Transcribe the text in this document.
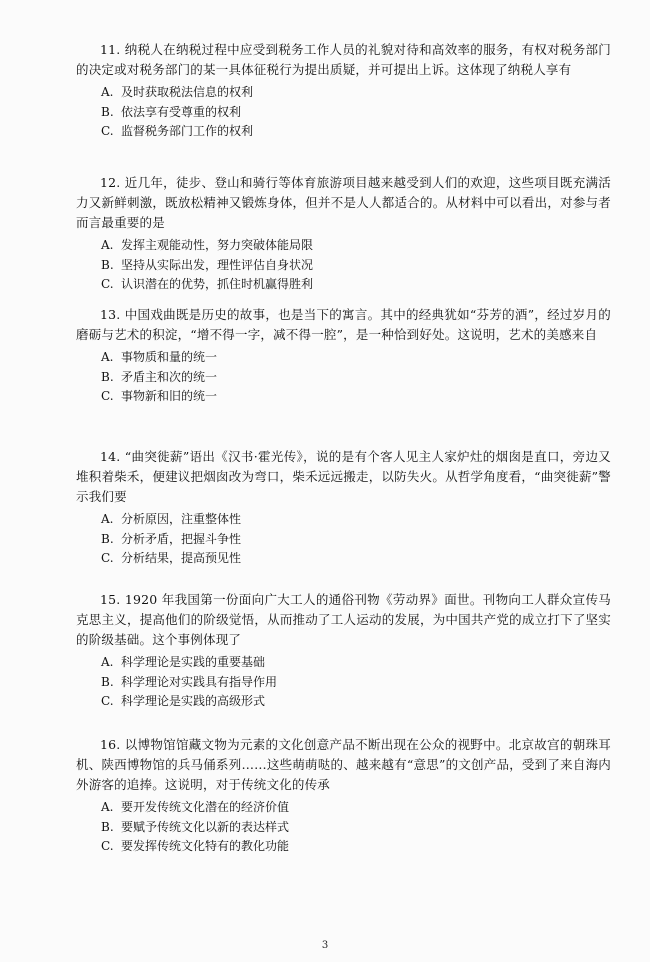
11. 纳税人在纳税过程中应受到税务工作人员的礼貌对待和高效率的服务，有权对税务部门的决定或对税务部门的某一具体征税行为提出质疑，并可提出上诉。这体现了纳税人享有

A. 及时获取税法信息的权利
B. 依法享有受尊重的权利
C. 监督税务部门工作的权利

12. 近几年，徒步、登山和骑行等体育旅游项目越来越受到人们的欢迎，这些项目既充满活力又新鲜刺激，既放松精神又锻炼身体，但并不是人人都适合的。从材料中可以看出，对参与者而言最重要的是

A. 发挥主观能动性，努力突破体能局限
B. 坚持从实际出发，理性评估自身状况
C. 认识潜在的优势，抓住时机赢得胜利

13. 中国戏曲既是历史的故事，也是当下的寓言。其中的经典犹如“芬芳的酒”，经过岁月的磨砺与艺术的积淀，“增不得一字，减不得一腔”，是一种恰到好处。这说明，艺术的美感来自

A. 事物质和量的统一
B. 矛盾主和次的统一
C. 事物新和旧的统一

14. “曲突徙薪”语出《汉书·霍光传》，说的是有个客人见主人家炉灶的烟囱是直口，旁边又堆积着柴禾，便建议把烟囱改为弯口，柴禾远远搬走，以防失火。从哲学角度看，“曲突徙薪”警示我们要

A. 分析原因，注重整体性
B. 分析矛盾，把握斗争性
C. 分析结果，提高预见性

15. 1920 年我国第一份面向广大工人的通俗刊物《劳动界》面世。刊物向工人群众宣传马克思主义，提高他们的阶级觉悟，从而推动了工人运动的发展，为中国共产党的成立打下了坚实的阶级基础。这个事例体现了

A. 科学理论是实践的重要基础
B. 科学理论对实践具有指导作用
C. 科学理论是实践的高级形式

16. 以博物馆馆藏文物为元素的文化创意产品不断出现在公众的视野中。北京故宫的朝珠耳机、陕西博物馆的兵马俑系列……这些萌萌哒的、越来越有“意思”的文创产品，受到了来自海内外游客的追捧。这说明，对于传统文化的传承

A. 要开发传统文化潜在的经济价值
B. 要赋予传统文化以新的表达样式
C. 要发挥传统文化特有的教化功能
3
